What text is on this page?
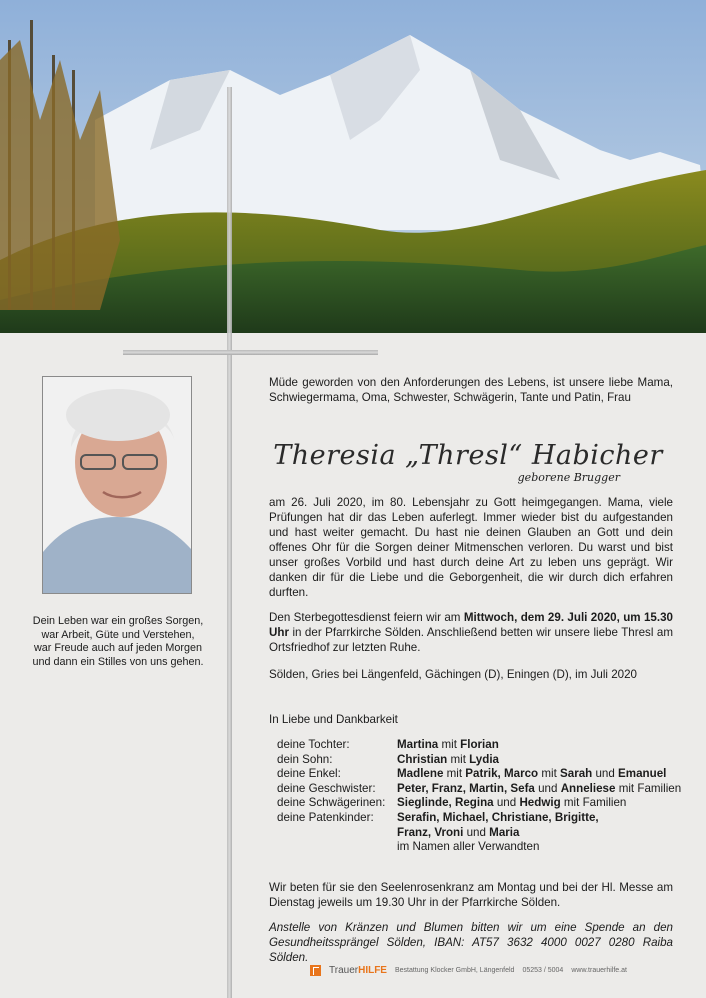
Dein Leben war ein großes Sorgen,
war Arbeit, Güte und Verstehen,
war Freude auch auf jeden Morgen
und dann ein Stilles von uns gehen.
Müde geworden von den Anforderungen des Lebens, ist unsere liebe Mama, Schwiegermama, Oma, Schwester, Schwägerin, Tante und Patin, Frau
Theresia „Thresl“ Habicher
geborene Brugger
am 26. Juli 2020, im 80. Lebensjahr zu Gott heimgegangen. Mama, viele Prüfungen hat dir das Leben auferlegt. Immer wieder bist du aufgestanden und hast weiter gemacht. Du hast nie deinen Glauben an Gott und dein offenes Ohr für die Sorgen deiner Mitmenschen verloren. Du warst und bist unser großes Vorbild und hast durch deine Art zu leben uns geprägt. Wir danken dir für die Liebe und die Geborgenheit, die wir durch dich erfahren durften.
Den Sterbegottesdienst feiern wir am Mittwoch, dem 29. Juli 2020, um 15.30 Uhr in der Pfarrkirche Sölden. Anschließend betten wir unsere liebe Thresl am Ortsfriedhof zur letzten Ruhe.
Sölden, Gries bei Längenfeld, Gächingen (D), Eningen (D), im Juli 2020
In Liebe und Dankbarkeit
deine Tochter:	Martina mit Florian
dein Sohn:	Christian mit Lydia
deine Enkel:	Madlene mit Patrik, Marco mit Sarah und Emanuel
deine Geschwister:	Peter, Franz, Martin, Sefa und Anneliese mit Familien
deine Schwägerinen:	Sieglinde, Regina und Hedwig mit Familien
deine Patenkinder:	Serafin, Michael, Christiane, Brigitte,
Franz, Vroni und Maria
im Namen aller Verwandten
Wir beten für sie den Seelenrosenkranz am Montag und bei der Hl. Messe am Dienstag jeweils um 19.30 Uhr in der Pfarrkirche Sölden.
Anstelle von Kränzen und Blumen bitten wir um eine Spende an den Gesundheitssprängel Sölden, IBAN: AT57 3632 4000 0027 0280 Raiba Sölden.
TrauerHILFE Bestattung Klocker GmbH, Längenfeld 05253 / 5004 www.trauerhilfe.at
